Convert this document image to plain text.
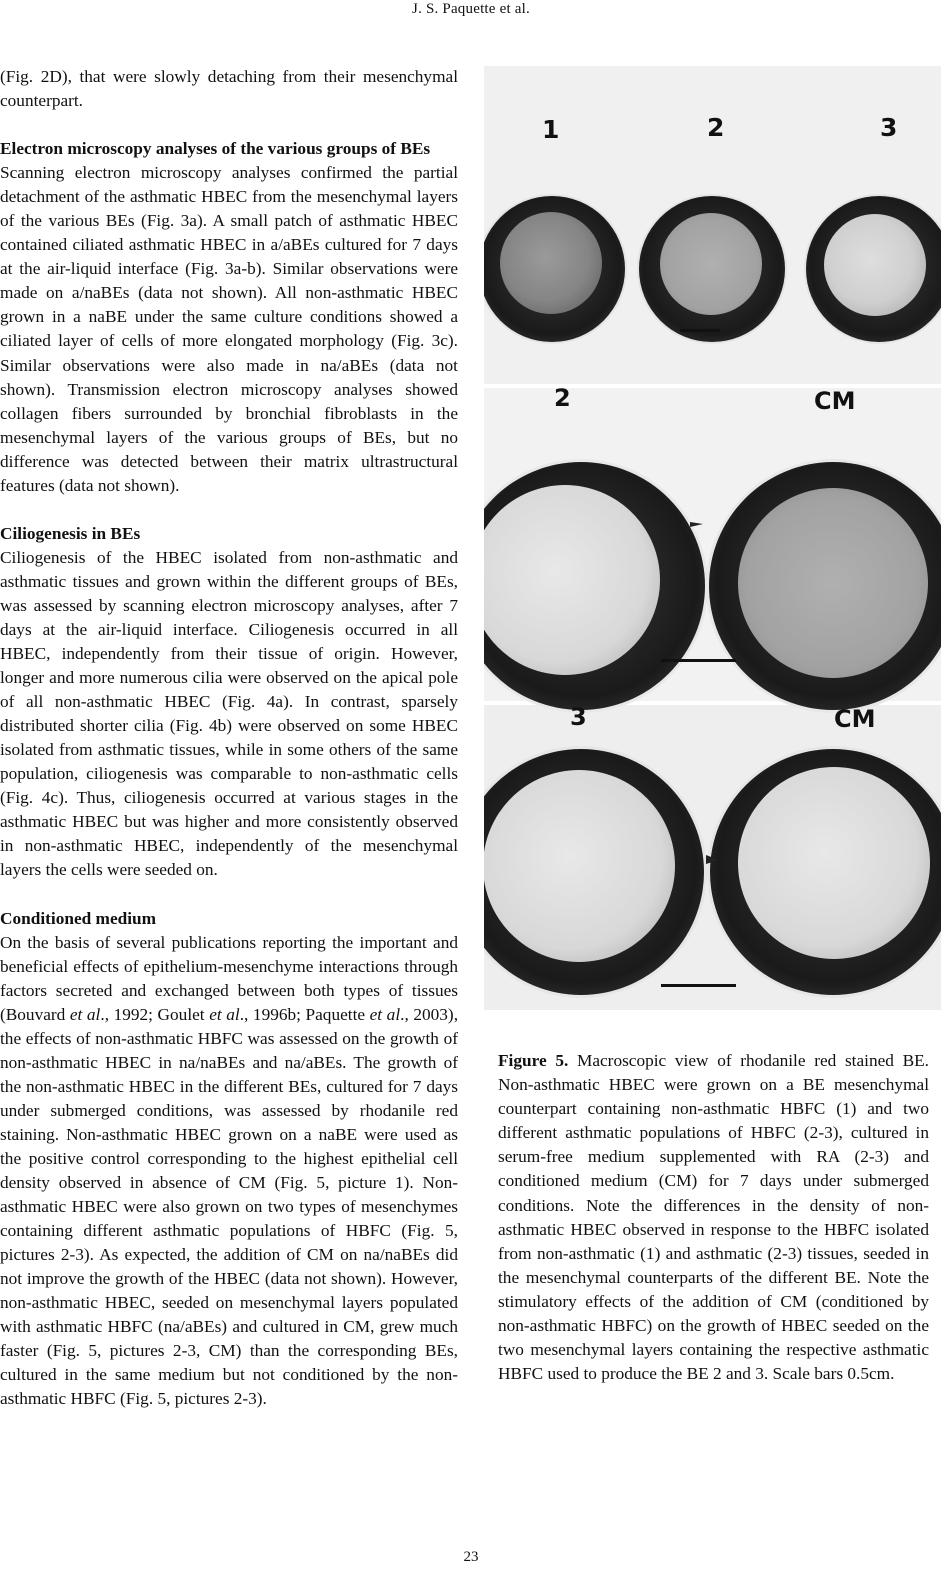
J. S. Paquette et al.

(Fig. 2D), that were slowly detaching from their mesenchymal counterpart.

Electron microscopy analyses of the various groups of BEs

Scanning electron microscopy analyses confirmed the partial detachment of the asthmatic HBEC from the mesenchymal layers of the various BEs (Fig. 3a). A small patch of asthmatic HBEC contained ciliated asthmatic HBEC in a/aBEs cultured for 7 days at the air-liquid interface (Fig. 3a-b). Similar observations were made on a/naBEs (data not shown). All non-asthmatic HBEC grown in a naBE under the same culture conditions showed a ciliated layer of cells of more elongated morphology (Fig. 3c). Similar observations were also made in na/aBEs (data not shown). Transmission electron microscopy analyses showed collagen fibers surrounded by bronchial fibroblasts in the mesenchymal layers of the various groups of BEs, but no difference was detected between their matrix ultrastructural features (data not shown).

Ciliogenesis in BEs

Ciliogenesis of the HBEC isolated from non-asthmatic and asthmatic tissues and grown within the different groups of BEs, was assessed by scanning electron microscopy analyses, after 7 days at the air-liquid interface. Ciliogenesis occurred in all HBEC, independently from their tissue of origin. However, longer and more numerous cilia were observed on the apical pole of all non-asthmatic HBEC (Fig. 4a). In contrast, sparsely distributed shorter cilia (Fig. 4b) were observed on some HBEC isolated from asthmatic tissues, while in some others of the same population, ciliogenesis was comparable to non-asthmatic cells (Fig. 4c). Thus, ciliogenesis occurred at various stages in the asthmatic HBEC but was higher and more consistently observed in non-asthmatic HBEC, independently of the mesenchymal layers the cells were seeded on.

Conditioned medium

On the basis of several publications reporting the important and beneficial effects of epithelium-mesenchyme interactions through factors secreted and exchanged between both types of tissues (Bouvard et al., 1992; Goulet et al., 1996b; Paquette et al., 2003), the effects of non-asthmatic HBFC was assessed on the growth of non-asthmatic HBEC in na/naBEs and na/aBEs. The growth of the non-asthmatic HBEC in the different BEs, cultured for 7 days under submerged conditions, was assessed by rhodanile red staining. Non-asthmatic HBEC grown on a naBE were used as the positive control corresponding to the highest epithelial cell density observed in absence of CM (Fig. 5, picture 1). Non-asthmatic HBEC were also grown on two types of mesenchymes containing different asthmatic populations of HBFC (Fig. 5, pictures 2-3). As expected, the addition of CM on na/naBEs did not improve the growth of the HBEC (data not shown). However, non-asthmatic HBEC, seeded on mesenchymal layers populated with asthmatic HBFC (na/aBEs) and cultured in CM, grew much faster (Fig. 5, pictures 2-3, CM) than the corresponding BEs, cultured in the same medium but not conditioned by the non-asthmatic HBFC (Fig. 5, pictures 2-3).

1	2	3
2	CM
3	CM

Figure 5. Macroscopic view of rhodanile red stained BE. Non-asthmatic HBEC were grown on a BE mesenchymal counterpart containing non-asthmatic HBFC (1) and two different asthmatic populations of HBFC (2-3), cultured in serum-free medium supplemented with RA (2-3) and conditioned medium (CM) for 7 days under submerged conditions. Note the differences in the density of non-asthmatic HBEC observed in response to the HBFC isolated from non-asthmatic (1) and asthmatic (2-3) tissues, seeded in the mesenchymal counterparts of the different BE. Note the stimulatory effects of the addition of CM (conditioned by non-asthmatic HBFC) on the growth of HBEC seeded on the two mesenchymal layers containing the respective asthmatic HBFC used to produce the BE 2 and 3. Scale bars 0.5cm.

23
